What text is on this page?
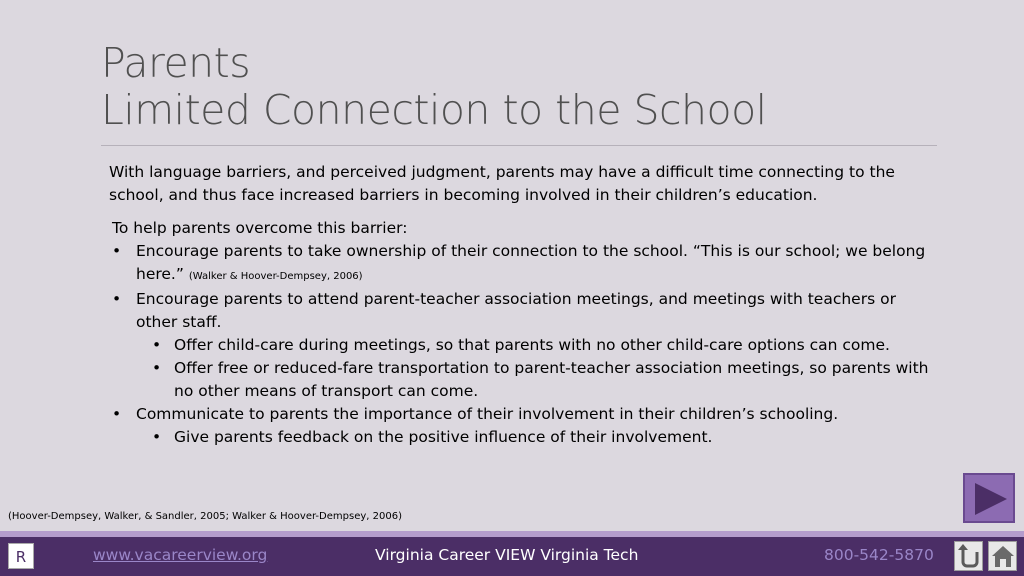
Parents
Limited Connection to the School
With language barriers, and perceived judgment, parents may have a difficult time connecting to the school, and thus face increased barriers in becoming involved in their children’s education.

To help parents overcome this barrier:

• Encourage parents to take ownership of their connection to the school. “This is our school; we belong here.” (Walker & Hoover-Dempsey, 2006)
• Encourage parents to attend parent-teacher association meetings, and meetings with teachers or other staff.
• Offer child-care during meetings, so that parents with no other child-care options can come.
• Offer free or reduced-fare transportation to parent-teacher association meetings, so parents with no other means of transport can come.
• Communicate to parents the importance of their involvement in their children’s schooling.
• Give parents feedback on the positive influence of their involvement.
(Hoover-Dempsey, Walker, & Sandler, 2005; Walker & Hoover-Dempsey, 2006)
R	www.vacareerview.org	Virginia Career VIEW Virginia Tech	800-542-5870
